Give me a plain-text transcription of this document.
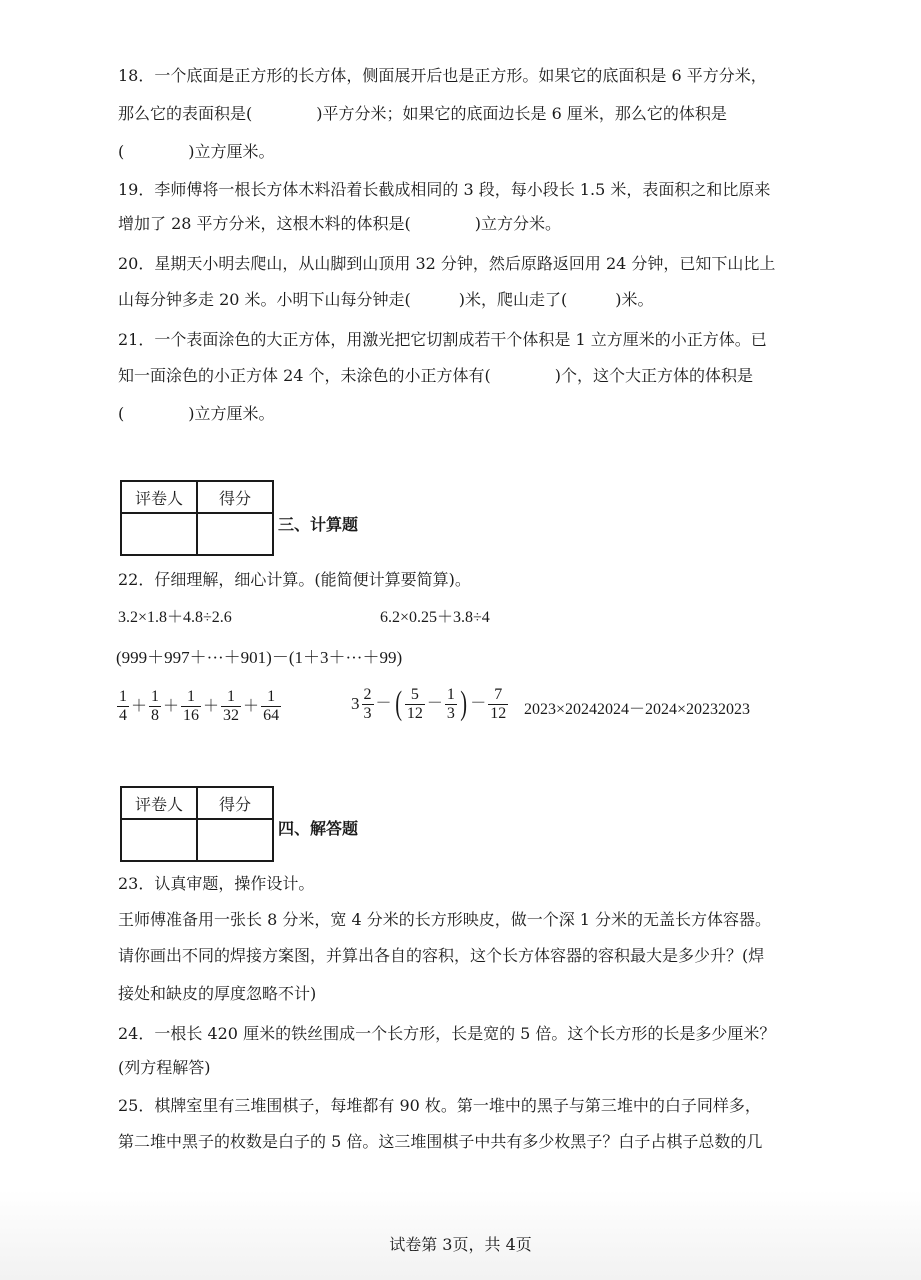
18．一个底面是正方形的长方体，侧面展开后也是正方形。如果它的底面积是 6 平方分米，
那么它的表面积是(　　　　)平方分米；如果它的底面边长是 6 厘米，那么它的体积是
(　　　　)立方厘米。
19．李师傅将一根长方体木料沿着长截成相同的 3 段，每小段长 1.5 米，表面积之和比原来
增加了 28 平方分米，这根木料的体积是(　　　　)立方分米。
20．星期天小明去爬山，从山脚到山顶用 32 分钟，然后原路返回用 24 分钟，已知下山比上
山每分钟多走 20 米。小明下山每分钟走(　　　)米，爬山走了(　　　)米。
21．一个表面涂色的大正方体，用激光把它切割成若干个体积是 1 立方厘米的小正方体。已
知一面涂色的小正方体 24 个，未涂色的小正方体有(　　　　)个，这个大正方体的体积是
(　　　　)立方厘米。
评卷人	得分

三、计算题
22．仔细理解，细心计算。(能简便计算要简算)。
3.2×1.8＋4.8÷2.6	6.2×0.25＋3.8÷4
(999＋997＋···＋901)－(1＋3＋···＋99)
$\frac{1}{4} + \frac{1}{8} + \frac{1}{16} + \frac{1}{32} + \frac{1}{64}$	$3 \frac{2}{3}$ －( $\frac{5}{12} - \frac{1}{3}$ ) － $\frac{7}{12} 2023\times 20242024-2024\times 20232023$
评卷人	得分

四、解答题
23．认真审题，操作设计。
王师傅准备用一张长 8 分米，宽 4 分米的长方形映皮，做一个深 1 分米的无盖长方体容器。
请你画出不同的焊接方案图，并算出各自的容积，这个长方体容器的容积最大是多少升？(焊
接处和缺皮的厚度忽略不计)
24．一根长 420 厘米的铁丝围成一个长方形，长是宽的 5 倍。这个长方形的长是多少厘米？
(列方程解答)
25．棋牌室里有三堆围棋子，每堆都有 90 枚。第一堆中的黑子与第三堆中的白子同样多，
第二堆中黑子的枚数是白子的 5 倍。这三堆围棋子中共有多少枚黑子？白子占棋子总数的几
试卷第 3页，共 4页
